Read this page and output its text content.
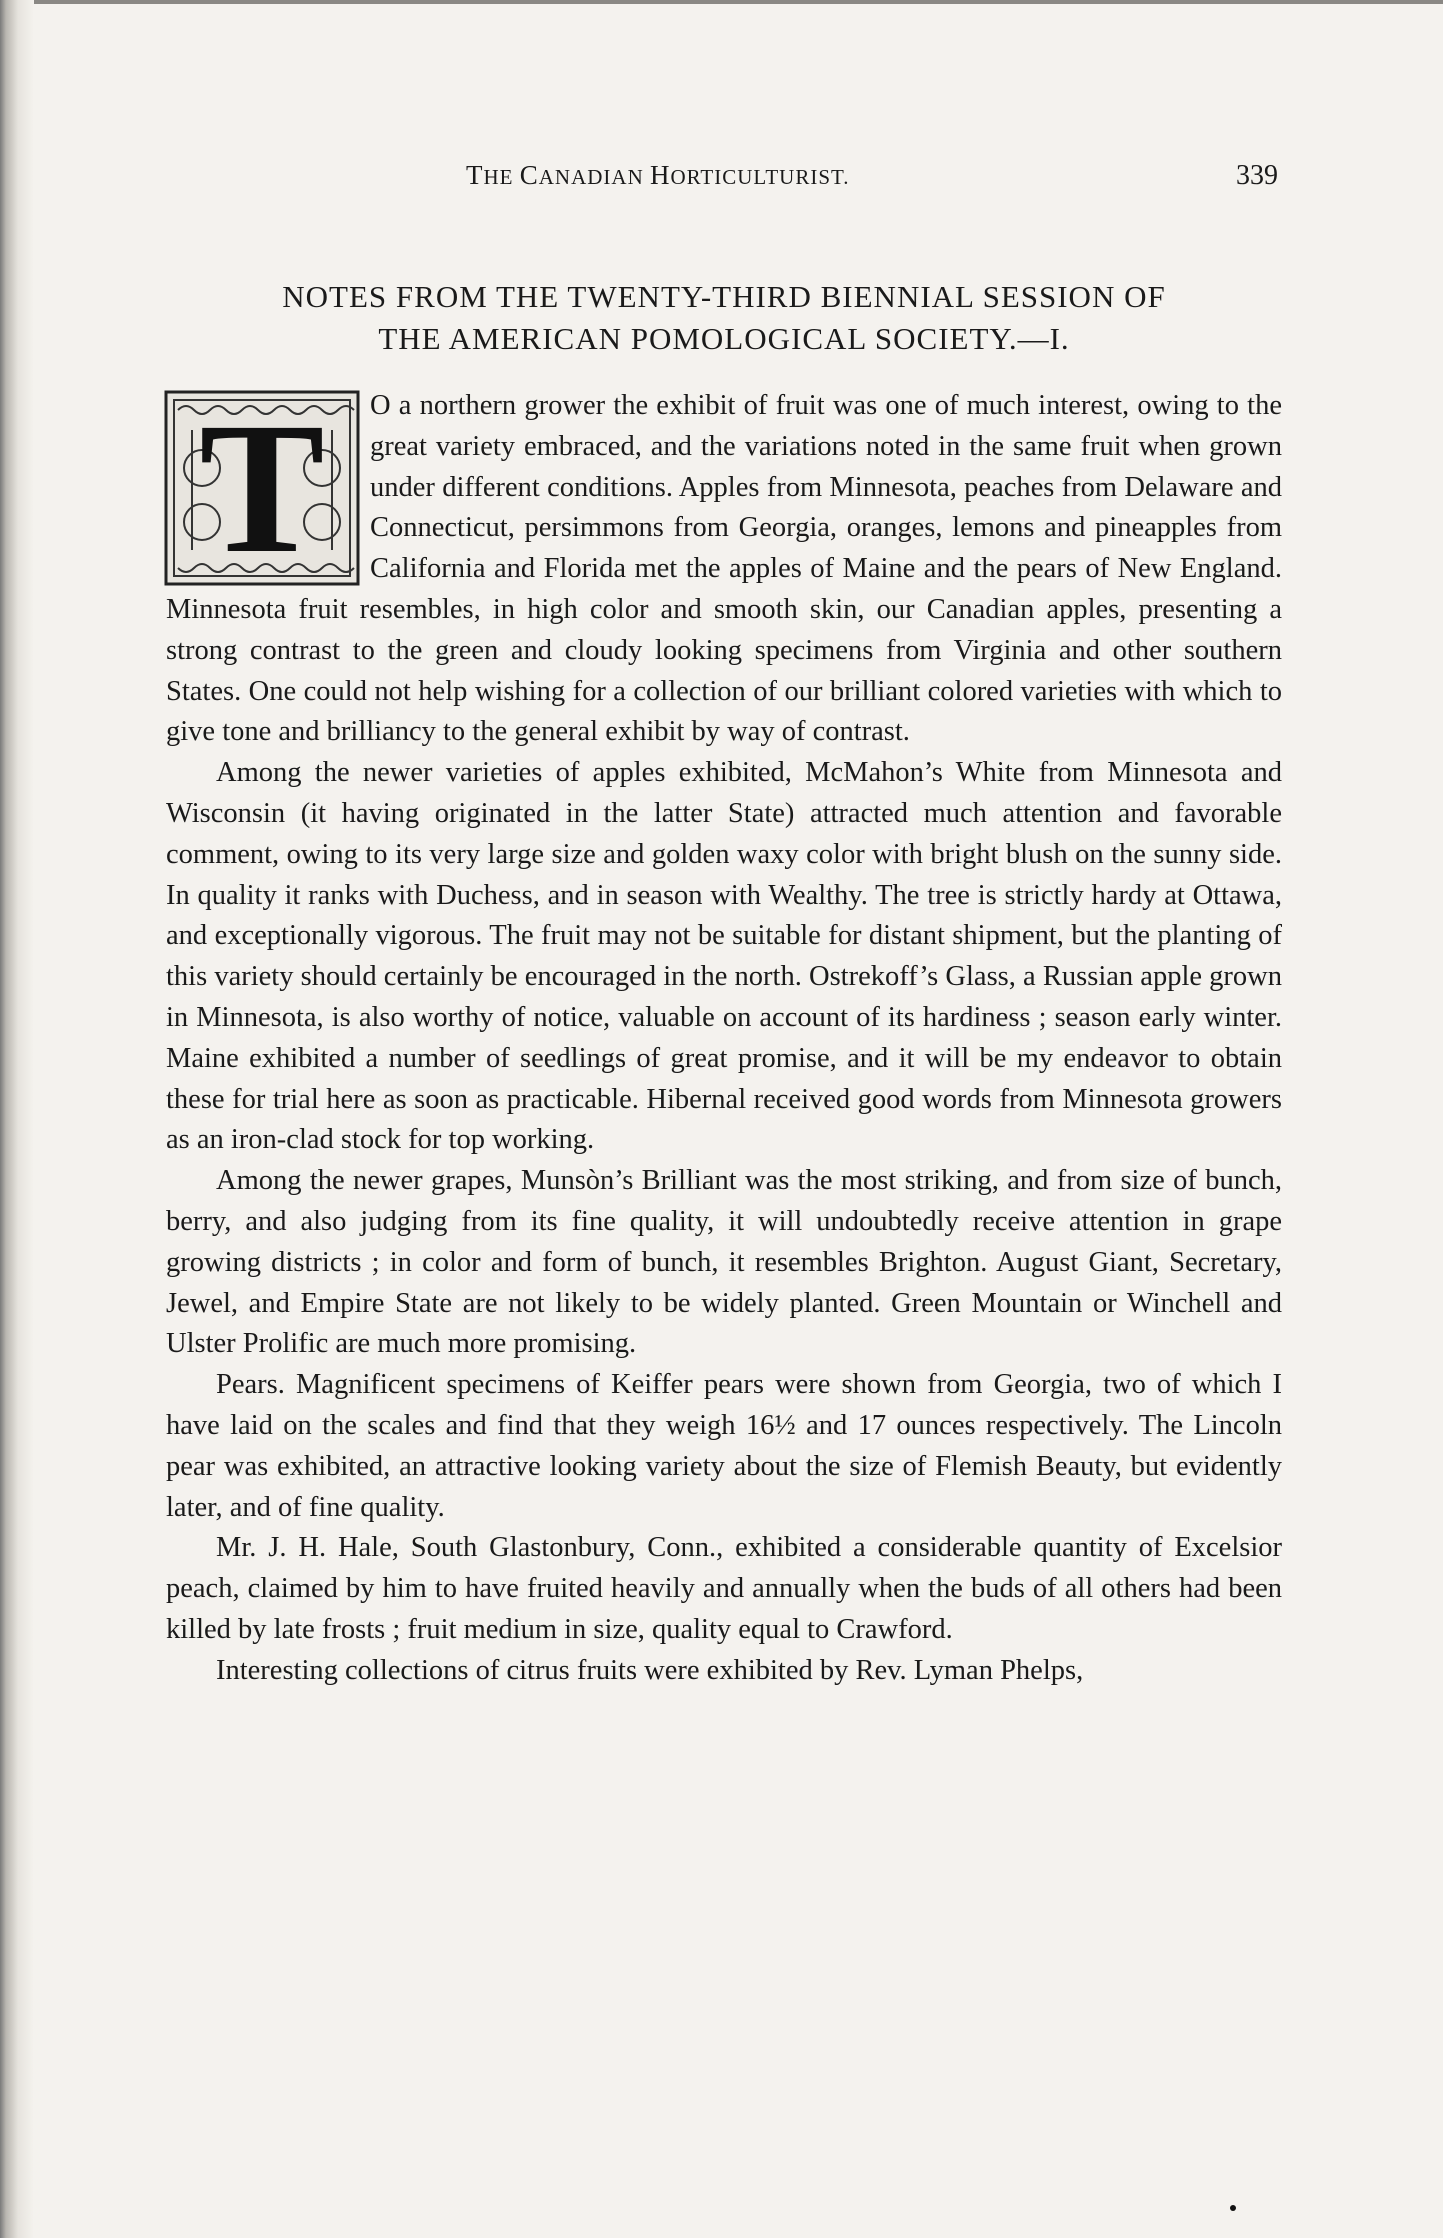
THE CANADIAN HORTICULTURIST.	339
NOTES FROM THE TWENTY-THIRD BIENNIAL SESSION OF
THE AMERICAN POMOLOGICAL SOCIETY.—I.

T	O a northern grower the exhibit of fruit was one of much interest, owing to the great variety embraced, and the variations noted in the same fruit when grown under different conditions. Apples from Minnesota, peaches from Delaware and Connecticut, persimmons from Georgia, oranges, lemons and pineapples from California and Florida met the apples of Maine and the pears of New England. Minnesota fruit resembles, in high color and smooth skin, our Canadian apples, presenting a strong contrast to the green and cloudy looking specimens from Virginia and other southern States. One could not help wishing for a collection of our brilliant colored varieties with which to give tone and brilliancy to the general exhibit by way of contrast.

Among the newer varieties of apples exhibited, McMahon’s White from Minnesota and Wisconsin (it having originated in the latter State) attracted much attention and favorable comment, owing to its very large size and golden waxy color with bright blush on the sunny side. In quality it ranks with Duchess, and in season with Wealthy. The tree is strictly hardy at Ottawa, and exceptionally vigorous. The fruit may not be suitable for distant shipment, but the planting of this variety should certainly be encouraged in the north. Ostrekoff’s Glass, a Russian apple grown in Minnesota, is also worthy of notice, valuable on account of its hardiness ; season early winter. Maine exhibited a number of seedlings of great promise, and it will be my endeavor to obtain these for trial here as soon as practicable. Hibernal received good words from Minnesota growers as an iron-clad stock for top working.

Among the newer grapes, Munsòn’s Brilliant was the most striking, and from size of bunch, berry, and also judging from its fine quality, it will undoubtedly receive attention in grape growing districts ; in color and form of bunch, it resembles Brighton. August Giant, Secretary, Jewel, and Empire State are not likely to be widely planted. Green Mountain or Winchell and Ulster Prolific are much more promising.

Pears. Magnificent specimens of Keiffer pears were shown from Georgia, two of which I have laid on the scales and find that they weigh 16½ and 17 ounces respectively. The Lincoln pear was exhibited, an attractive looking variety about the size of Flemish Beauty, but evidently later, and of fine quality.

Mr. J. H. Hale, South Glastonbury, Conn., exhibited a considerable quantity of Excelsior peach, claimed by him to have fruited heavily and annually when the buds of all others had been killed by late frosts ; fruit medium in size, quality equal to Crawford.

Interesting collections of citrus fruits were exhibited by Rev. Lyman Phelps,
